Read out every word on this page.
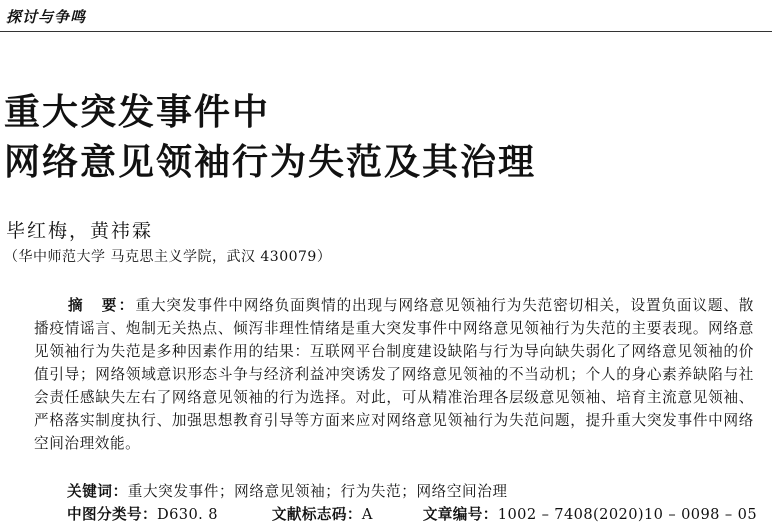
探讨与争鸣
重大突发事件中
网络意见领袖行为失范及其治理
毕红梅，黄祎霖
（华中师范大学 马克思主义学院，武汉 430079）
摘　要：重大突发事件中网络负面舆情的出现与网络意见领袖行为失范密切相关，设置负面议题、散播疫情谣言、炮制无关热点、倾泻非理性情绪是重大突发事件中网络意见领袖行为失范的主要表现。网络意见领袖行为失范是多种因素作用的结果：互联网平台制度建设缺陷与行为导向缺失弱化了网络意见领袖的价值引导；网络领域意识形态斗争与经济利益冲突诱发了网络意见领袖的不当动机；个人的身心素养缺陷与社会责任感缺失左右了网络意见领袖的行为选择。对此，可从精准治理各层级意见领袖、培育主流意见领袖、严格落实制度执行、加强思想教育引导等方面来应对网络意见领袖行为失范问题，提升重大突发事件中网络空间治理效能。
关键词：重大突发事件；网络意见领袖；行为失范；网络空间治理
中图分类号：D630. 8	文献标志码：A	文章编号：1002 – 7408(2020)10 – 0098 – 05
